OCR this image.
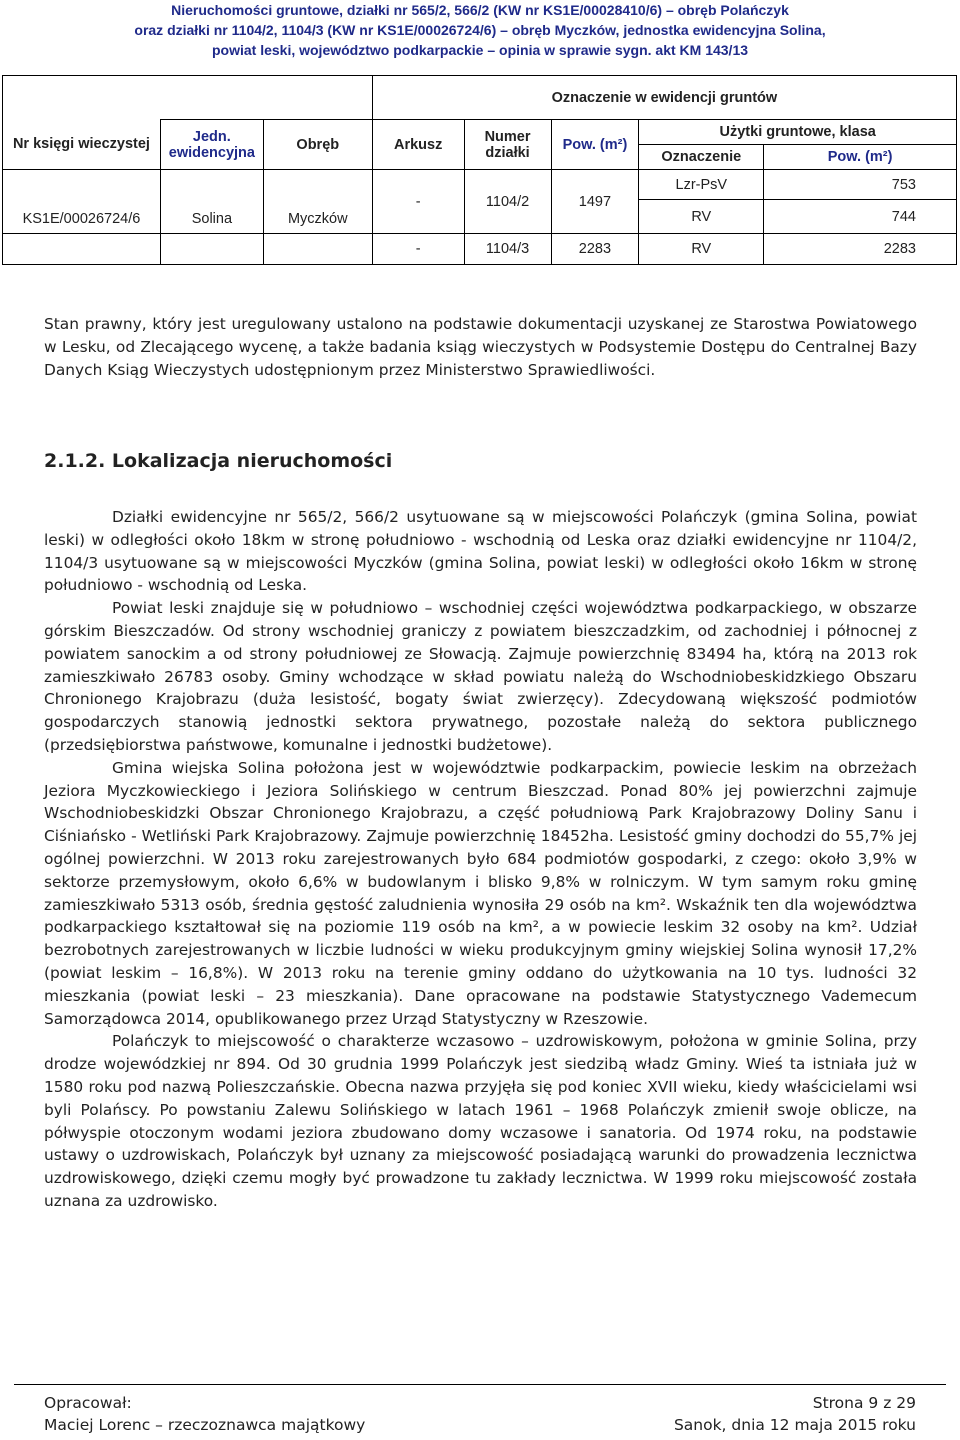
Nieruchomości gruntowe, działki nr 565/2, 566/2 (KW nr KS1E/00028410/6) – obręb Polańczyk
oraz działki nr 1104/2, 1104/3 (KW nr KS1E/00026724/6) – obręb Myczków, jednostka ewidencyjna Solina,
powiat leski, województwo podkarpackie – opinia w sprawie sygn. akt KM 143/13
			Oznaczenie w ewidencji gruntów				
Nr księgi wieczystej	Jedn. ewidencyjna	Obręb	Arkusz	Numer działki	Pow. (m²)	Użytki gruntowe, klasa	
						Oznaczenie	Pow. (m²)
KS1E/00026724/6	Solina	Myczków	-	1104/2	1497	Lzr-PsV	753
						RV	744
			-	1104/3	2283	RV	2283

Stan prawny, który jest uregulowany ustalono na podstawie dokumentacji uzyskanej ze Starostwa Powiatowego w Lesku, od Zlecającego wycenę, a także badania ksiąg wieczystych w Podsystemie Dostępu do Centralnej Bazy Danych Ksiąg Wieczystych udostępnionym przez Ministerstwo Sprawiedliwości.

2.1.2. Lokalizacja nieruchomości

Działki ewidencyjne nr 565/2, 566/2 usytuowane są w miejscowości Polańczyk (gmina Solina, powiat leski) w odległości około 18km w stronę południowo - wschodnią od Leska oraz działki ewidencyjne nr 1104/2, 1104/3 usytuowane są w miejscowości Myczków (gmina Solina, powiat leski) w odległości około 16km w stronę południowo - wschodnią od Leska.

Powiat leski znajduje się w południowo – wschodniej części województwa podkarpackiego, w obszarze górskim Bieszczadów. Od strony wschodniej graniczy z powiatem bieszczadzkim, od zachodniej i północnej z powiatem sanockim a od strony południowej ze Słowacją. Zajmuje powierzchnię 83494 ha, którą na 2013 rok zamieszkiwało 26783 osoby. Gminy wchodzące w skład powiatu należą do Wschodniobeskidzkiego Obszaru Chronionego Krajobrazu (duża lesistość, bogaty świat zwierzęcy). Zdecydowaną większość podmiotów gospodarczych stanowią jednostki sektora prywatnego, pozostałe należą do sektora publicznego (przedsiębiorstwa państwowe, komunalne i jednostki budżetowe).

Gmina wiejska Solina położona jest w województwie podkarpackim, powiecie leskim na obrzeżach Jeziora Myczkowieckiego i Jeziora Solińskiego w centrum Bieszczad. Ponad 80% jej powierzchni zajmuje Wschodniobeskidzki Obszar Chronionego Krajobrazu, a część południową Park Krajobrazowy Doliny Sanu i Ciśniańsko - Wetliński Park Krajobrazowy. Zajmuje powierzchnię 18452ha. Lesistość gminy dochodzi do 55,7% jej ogólnej powierzchni. W 2013 roku zarejestrowanych było 684 podmiotów gospodarki, z czego: około 3,9% w sektorze przemysłowym, około 6,6% w budowlanym i blisko 9,8% w rolniczym. W tym samym roku gminę zamieszkiwało 5313 osób, średnia gęstość zaludnienia wynosiła 29 osób na km². Wskaźnik ten dla województwa podkarpackiego kształtował się na poziomie 119 osób na km², a w powiecie leskim 32 osoby na km². Udział bezrobotnych zarejestrowanych w liczbie ludności w wieku produkcyjnym gminy wiejskiej Solina wynosił 17,2% (powiat leskim – 16,8%). W 2013 roku na terenie gminy oddano do użytkowania na 10 tys. ludności 32 mieszkania (powiat leski – 23 mieszkania). Dane opracowane na podstawie Statystycznego Vademecum Samorządowca 2014, opublikowanego przez Urząd Statystyczny w Rzeszowie.

Polańczyk to miejscowość o charakterze wczasowo – uzdrowiskowym, położona w gminie Solina, przy drodze wojewódzkiej nr 894. Od 30 grudnia 1999 Polańczyk jest siedzibą władz Gminy. Wieś ta istniała już w 1580 roku pod nazwą Polieszczańskie. Obecna nazwa przyjęła się pod koniec XVII wieku, kiedy właścicielami wsi byli Polańscy. Po powstaniu Zalewu Solińskiego w latach 1961 – 1968 Polańczyk zmienił swoje oblicze, na półwyspie otoczonym wodami jeziora zbudowano domy wczasowe i sanatoria. Od 1974 roku, na podstawie ustawy o uzdrowiskach, Polańczyk był uznany za miejscowość posiadającą warunki do prowadzenia lecznictwa uzdrowiskowego, dzięki czemu mogły być prowadzone tu zakłady lecznictwa. W 1999 roku miejscowość została uznana za uzdrowisko.

Opracował:
Maciej Lorenc – rzeczoznawca majątkowy
Strona 9 z 29
Sanok, dnia 12 maja 2015 roku
